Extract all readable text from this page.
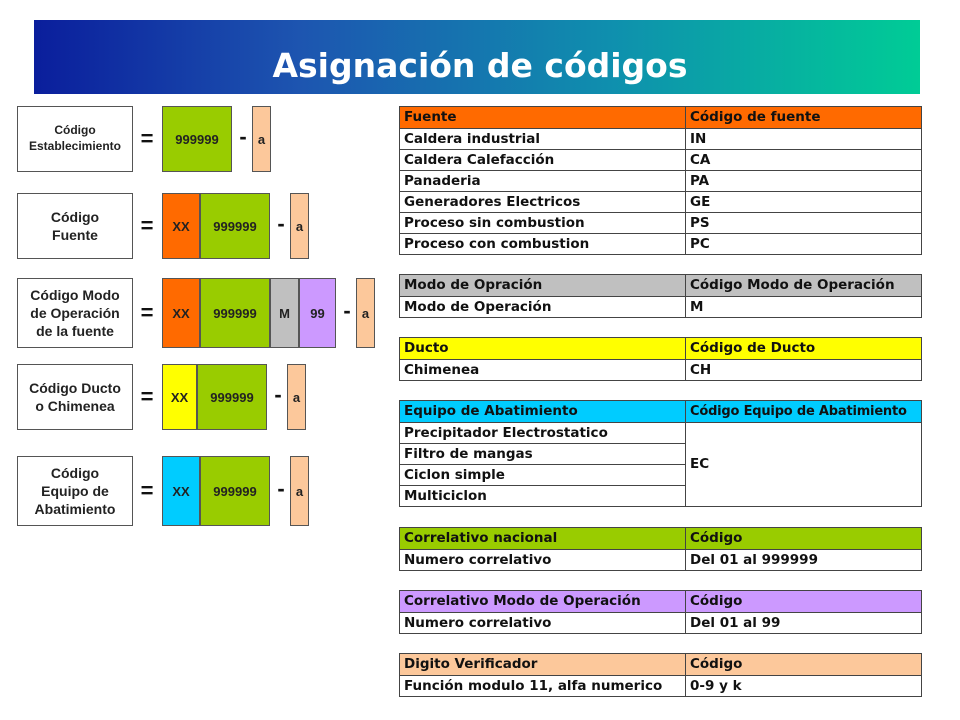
Asignación de códigos
Código
Establecimiento =	999999 - a
Código
Fuente =	XX	999999 - a
Código Modo
de Operación
de la fuente
=	XX	999999	M	99 - a
Código Ducto
o Chimenea =	XX	999999 - a
Código
Equipo de
Abatimiento
=	XX	999999 - a
Fuente	Código de fuente
Caldera industrial	IN
Caldera Calefacción	CA
Panaderia	PA
Generadores Electricos	GE
Proceso sin combustion	PS
Proceso con combustion	PC
Modo de Opración	Código Modo de Operación
Modo de Operación	M
Ducto	Código de Ducto
Chimenea	CH
Equipo de Abatimiento	Código Equipo de Abatimiento
Precipitador Electrostatico	EC
Filtro de mangas	
Ciclon simple	
Multiciclon	
Correlativo nacional	Código
Numero correlativo	Del 01 al 999999
Correlativo Modo de Operación	Código
Numero correlativo	Del 01 al 99
Digito Verificador	Código
Función modulo 11, alfa numerico	0-9 y k
